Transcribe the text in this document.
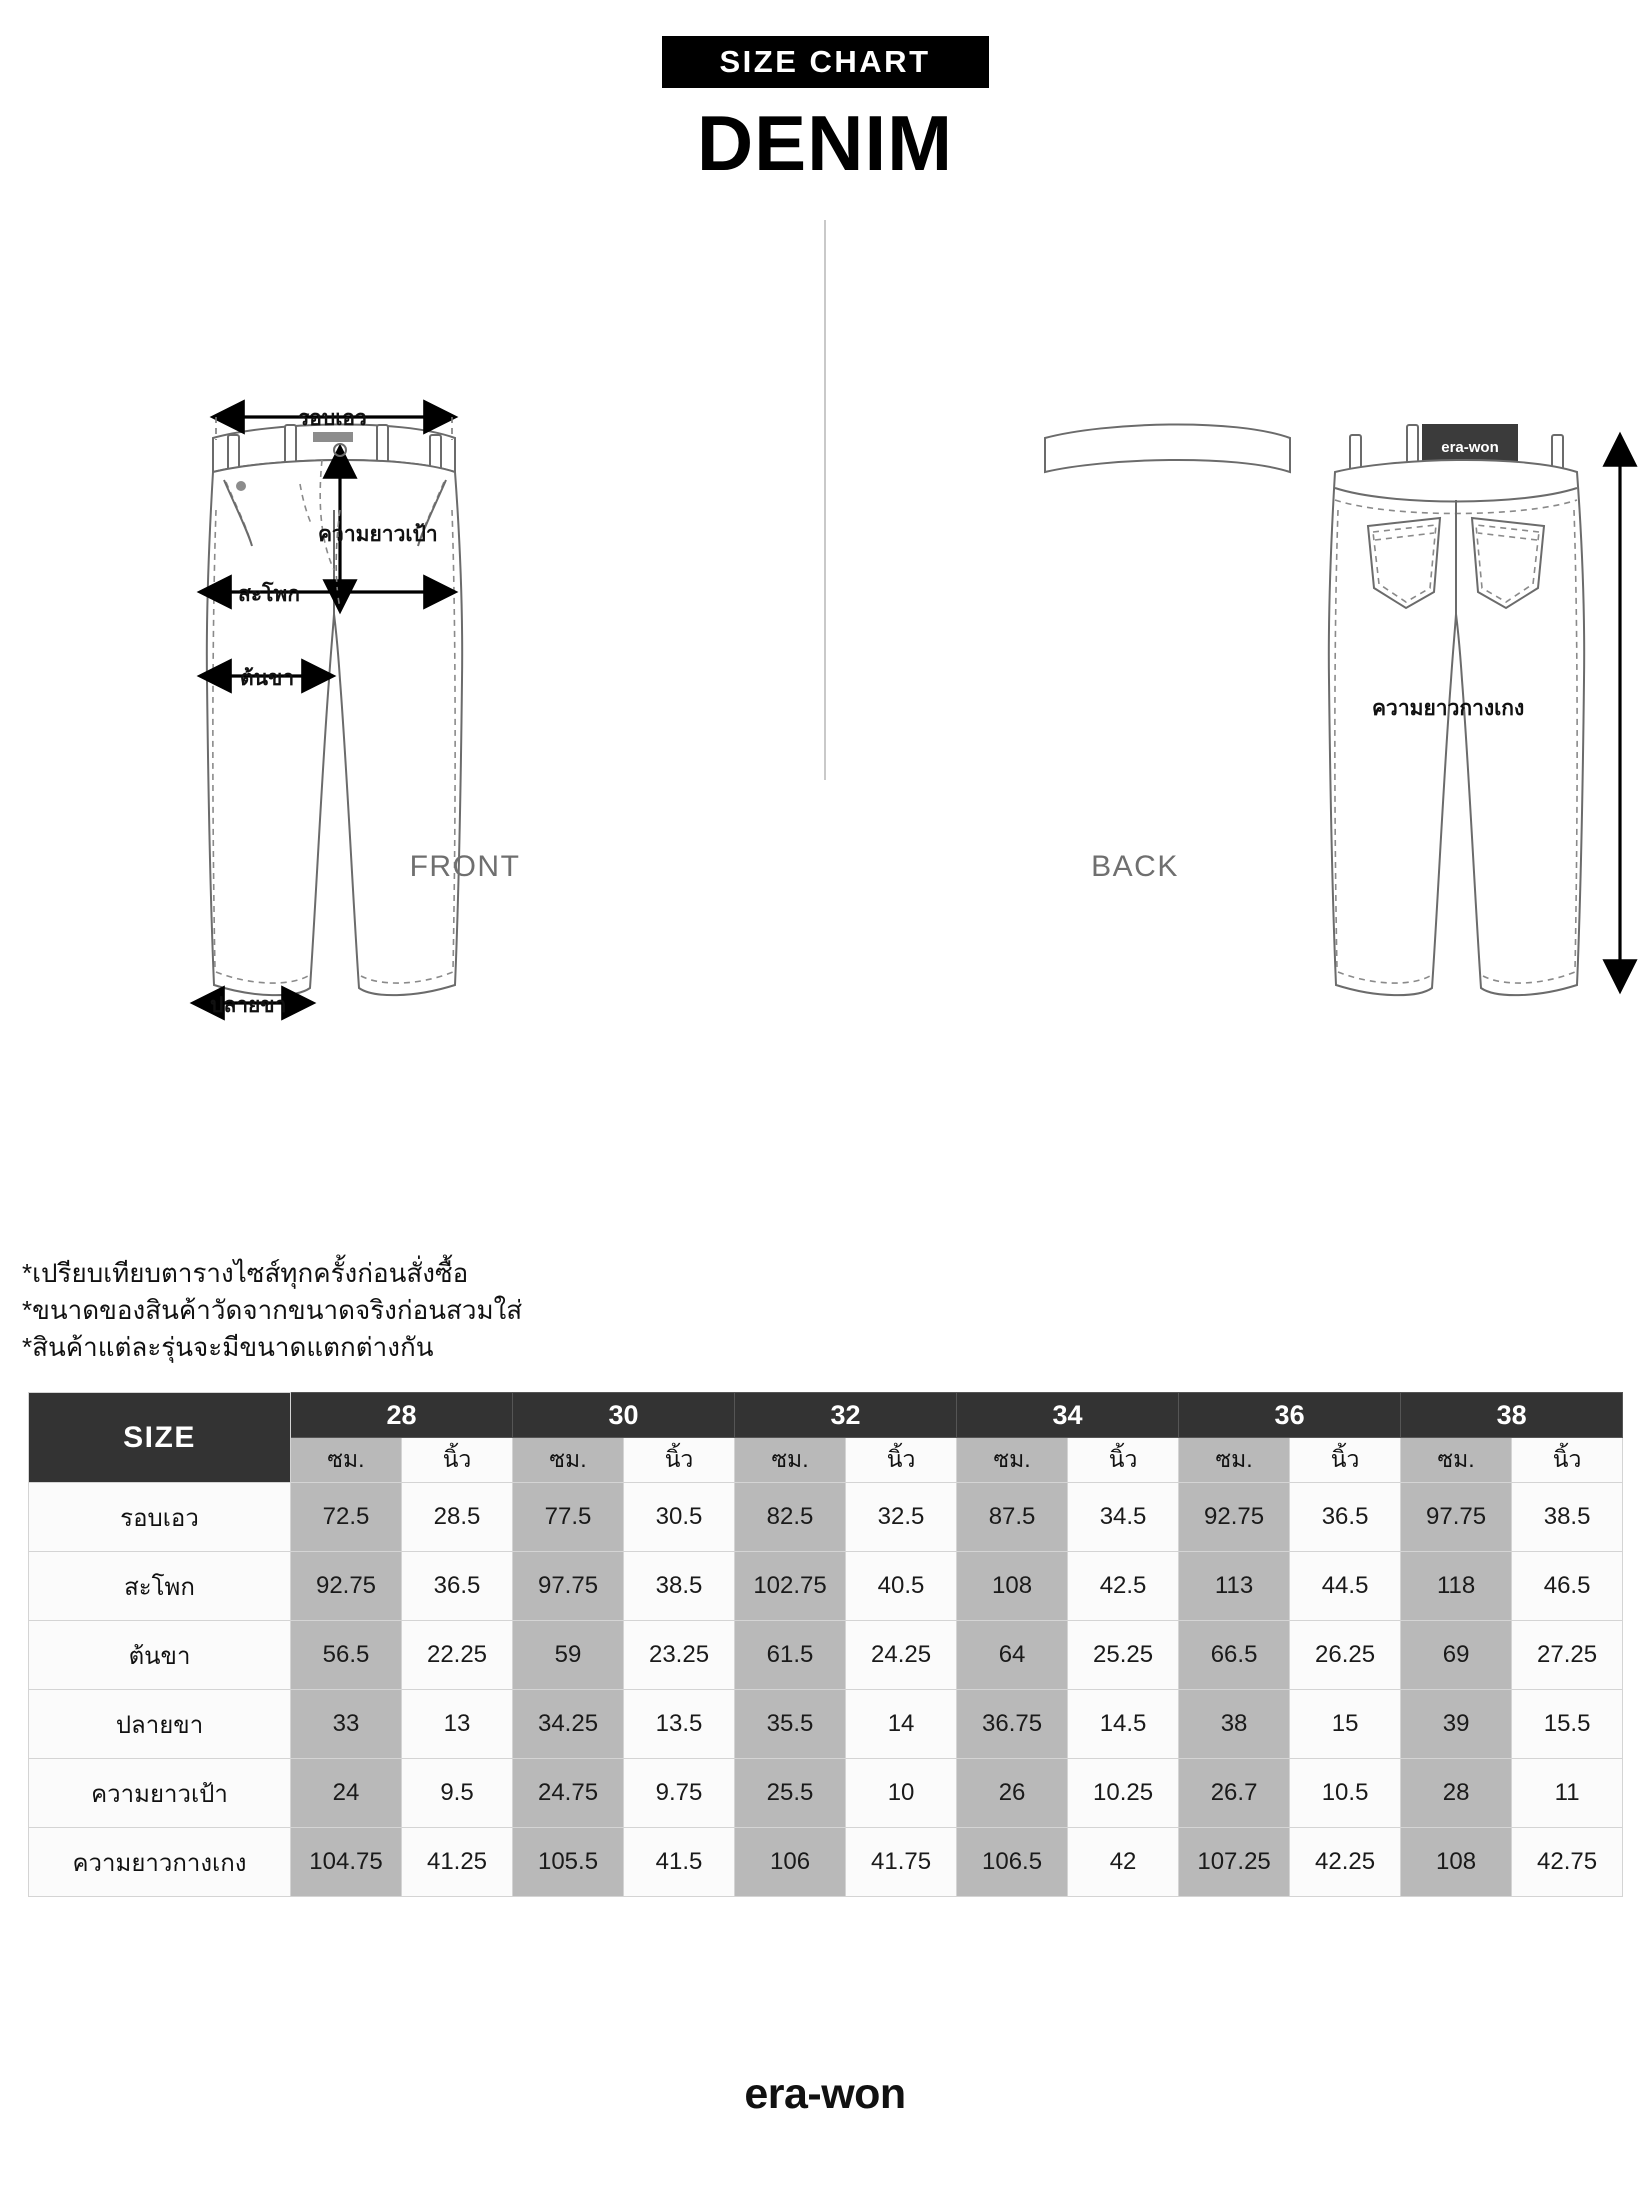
SIZE CHART
DENIM
รอบเอว
ความยาวเป้า
สะโพก
ต้นขา
ปลายขา
era-won
ความยาวกางเกง
FRONT	BACK
*เปรียบเทียบตารางไซส์ทุกครั้งก่อนสั่งซื้อ
*ขนาดของสินค้าวัดจากขนาดจริงก่อนสวมใส่
*สินค้าแต่ละรุ่นจะมีขนาดแตกต่างกัน
SIZE	28		30		32		34		36		38	
	ซม.	นิ้ว	ซม.	นิ้ว	ซม.	นิ้ว	ซม.	นิ้ว	ซม.	นิ้ว	ซม.	นิ้ว
รอบเอว	72.5	28.5	77.5	30.5	82.5	32.5	87.5	34.5	92.75	36.5	97.75	38.5
สะโพก	92.75	36.5	97.75	38.5	102.75	40.5	108	42.5	113	44.5	118	46.5
ต้นขา	56.5	22.25	59	23.25	61.5	24.25	64	25.25	66.5	26.25	69	27.25
ปลายขา	33	13	34.25	13.5	35.5	14	36.75	14.5	38	15	39	15.5
ความยาวเป้า	24	9.5	24.75	9.75	25.5	10	26	10.25	26.7	10.5	28	11
ความยาวกางเกง	104.75	41.25	105.5	41.5	106	41.75	106.5	42	107.25	42.25	108	42.75
era-won
